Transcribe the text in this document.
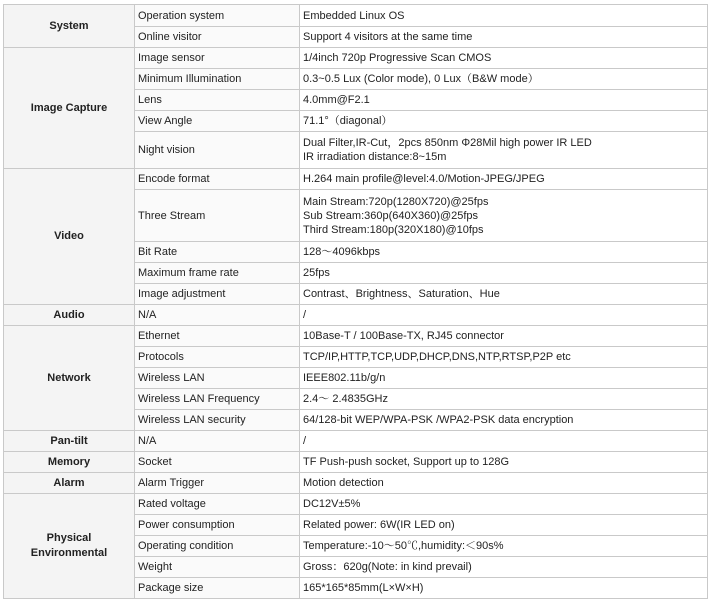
System	Operation system	Embedded Linux OS

	Online visitor	Support 4 visitors at the same time

Image Capture	Image sensor	1/4inch 720p Progressive Scan CMOS

	Minimum Illumination	0.3~0.5 Lux (Color mode), 0 Lux（B&W mode）

	Lens	4.0mm@F2.1

	View Angle	71.1°（diagonal）

	Night vision	Dual Filter,IR-Cut，2pcs 850nm Φ28Mil high power IR LED
IR irradiation distance:8~15m

Video	Encode format	H.264 main profile@level:4.0/Motion-JPEG/JPEG

	Three Stream	Main Stream:720p(1280X720)@25fps
Sub Stream:360p(640X360)@25fps
Third Stream:180p(320X180)@10fps

	Bit Rate	128～4096kbps

	Maximum frame rate	25fps

	Image adjustment	Contrast、Brightness、Saturation、Hue

Audio	N/A	/

Network	Ethernet	10Base-T / 100Base-TX, RJ45 connector

	Protocols	TCP/IP,HTTP,TCP,UDP,DHCP,DNS,NTP,RTSP,P2P etc

	Wireless LAN	IEEE802.11b/g/n

	Wireless LAN Frequency	2.4～ 2.4835GHz

	Wireless LAN security	64/128-bit WEP/WPA-PSK /WPA2-PSK data encryption

Pan-tilt	N/A	/

Memory	Socket	TF Push-push socket, Support up to 128G

Alarm	Alarm Trigger	Motion detection

Physical Environmental	Rated voltage	DC12V±5%

	Power consumption	Related power: 6W(IR LED on)

	Operating condition	Temperature:-10～50℃,humidity:＜90s%

	Weight	Gross：620g(Note: in kind prevail)

	Package size	165*165*85mm(L×W×H)
